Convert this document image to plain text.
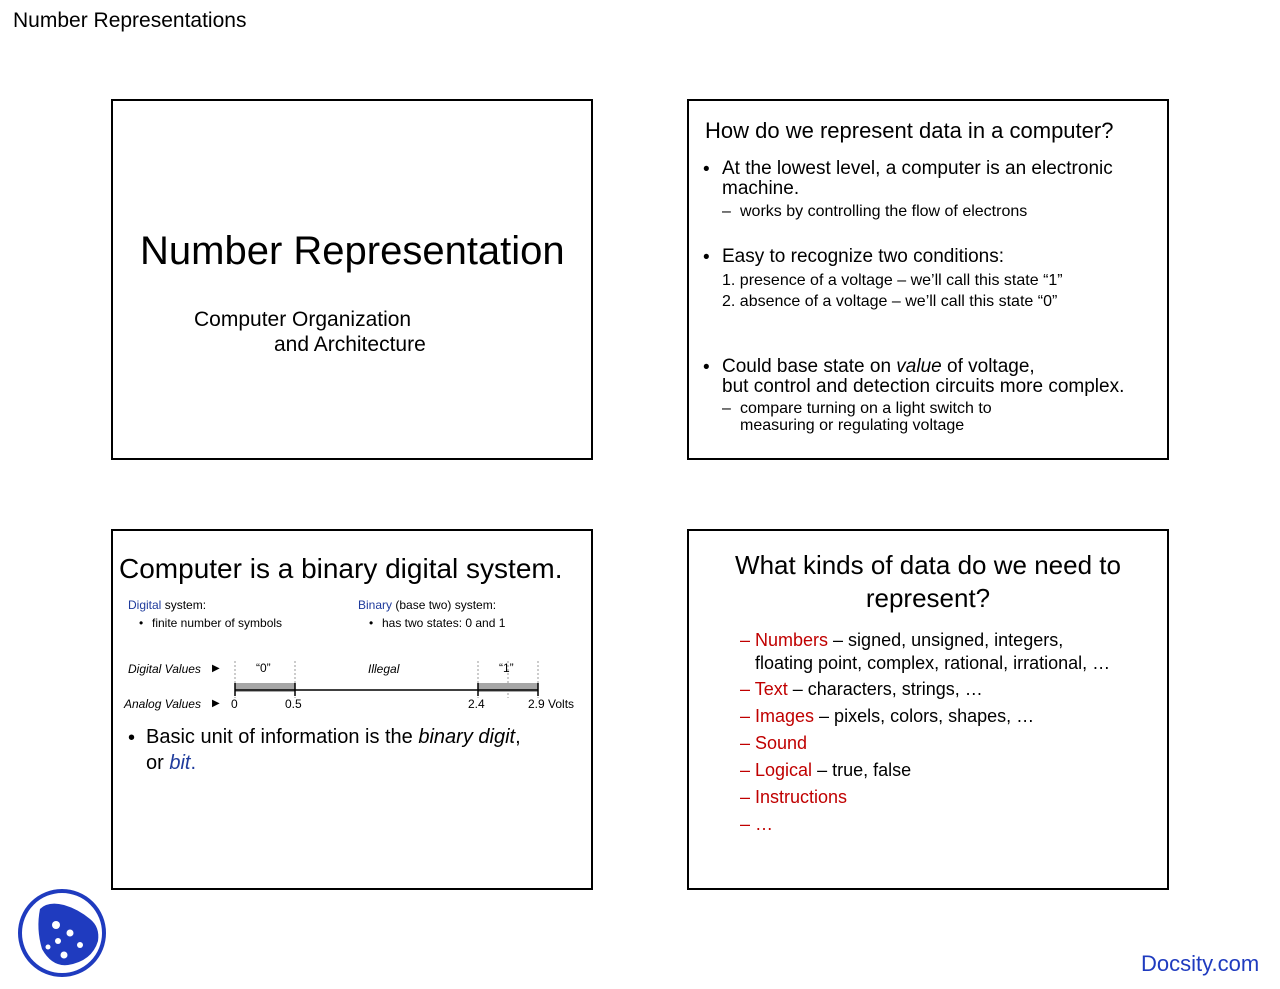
Number Representations
Number Representation
Computer Organization
and Architecture
How do we represent data in a computer?
• At the lowest level, a computer is an electronic
machine.
– works by controlling the flow of electrons
• Easy to recognize two conditions:
1. presence of a voltage – we’ll call this state “1”
2. absence of a voltage – we’ll call this state “0”
• Could base state on value of voltage,
but control and detection circuits more complex.
– compare turning on a light switch to
measuring or regulating voltage
Computer is a binary digital system.
Digital system:
• finite number of symbols
Binary (base two) system:
• has two states: 0 and 1
Digital Values ▶
Analog Values ▶
“0”	Illegal	“1”
0	0.5	2.4	2.9 Volts
• Basic unit of information is the binary digit,
or bit.
What kinds of data do we need to
represent?
– Numbers – signed, unsigned, integers,
floating point, complex, rational, irrational, …
– Text – characters, strings, …
– Images – pixels, colors, shapes, …
– Sound
– Logical – true, false
– Instructions
– …
Docsity.com
